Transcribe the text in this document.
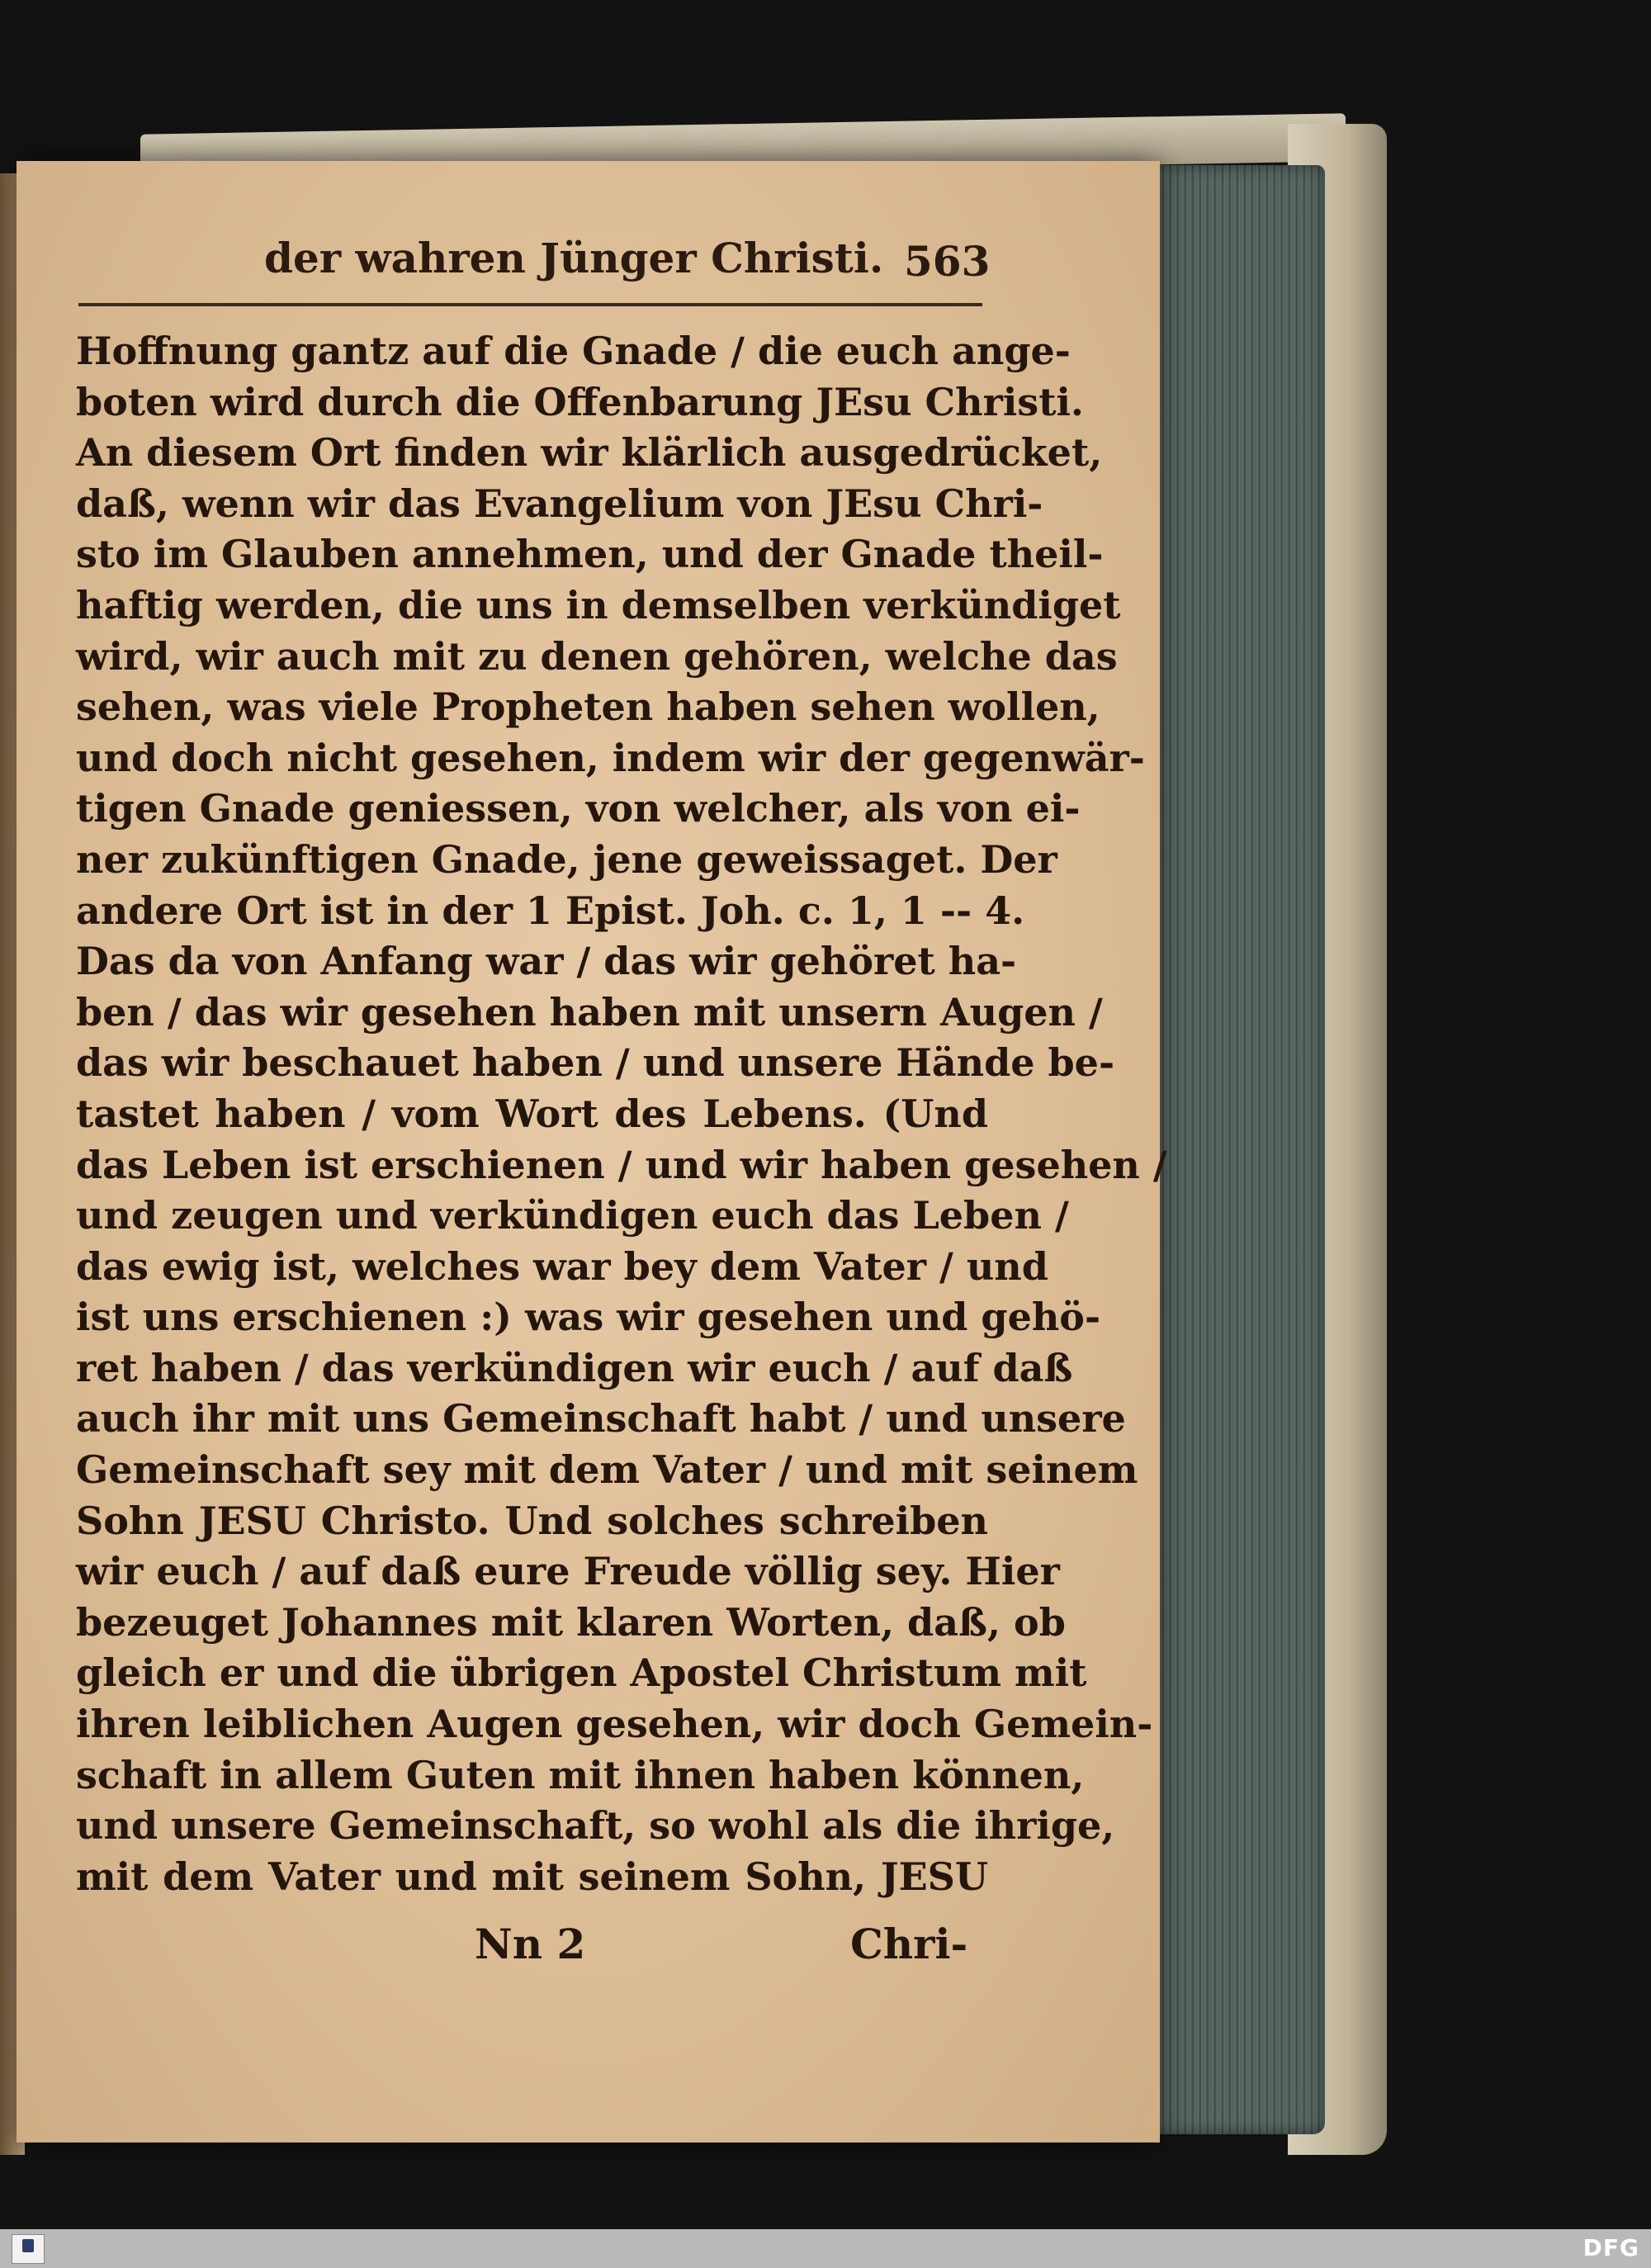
der wahren Jünger Christi. 563
Hoffnung gantz auf die Gnade / die euch ange-
boten wird durch die Offenbarung JEsu Christi.
An diesem Ort finden wir klärlich ausgedrücket,
daß, wenn wir das Evangelium von JEsu Chri-
sto im Glauben annehmen, und der Gnade theil-
haftig werden, die uns in demselben verkündiget
wird, wir auch mit zu denen gehören, welche das
sehen, was viele Propheten haben sehen wollen,
und doch nicht gesehen, indem wir der gegenwär-
tigen Gnade geniessen, von welcher, als von ei-
ner zukünftigen Gnade, jene geweissaget. Der
andere Ort ist in der 1 Epist. Joh. c. 1, 1 -- 4.
Das da von Anfang war / das wir gehöret ha-
ben / das wir gesehen haben mit unsern Augen /
das wir beschauet haben / und unsere Hände be-
tastet haben / vom Wort des Lebens. (Und
das Leben ist erschienen / und wir haben gesehen /
und zeugen und verkündigen euch das Leben /
das ewig ist, welches war bey dem Vater / und
ist uns erschienen :) was wir gesehen und gehö-
ret haben / das verkündigen wir euch / auf daß
auch ihr mit uns Gemeinschaft habt / und unsere
Gemeinschaft sey mit dem Vater / und mit seinem
Sohn JESU Christo. Und solches schreiben
wir euch / auf daß eure Freude völlig sey. Hier
bezeuget Johannes mit klaren Worten, daß, ob
gleich er und die übrigen Apostel Christum mit
ihren leiblichen Augen gesehen, wir doch Gemein-
schaft in allem Guten mit ihnen haben können,
und unsere Gemeinschaft, so wohl als die ihrige,
mit dem Vater und mit seinem Sohn, JESU
Nn 2	Chri-
DFG
